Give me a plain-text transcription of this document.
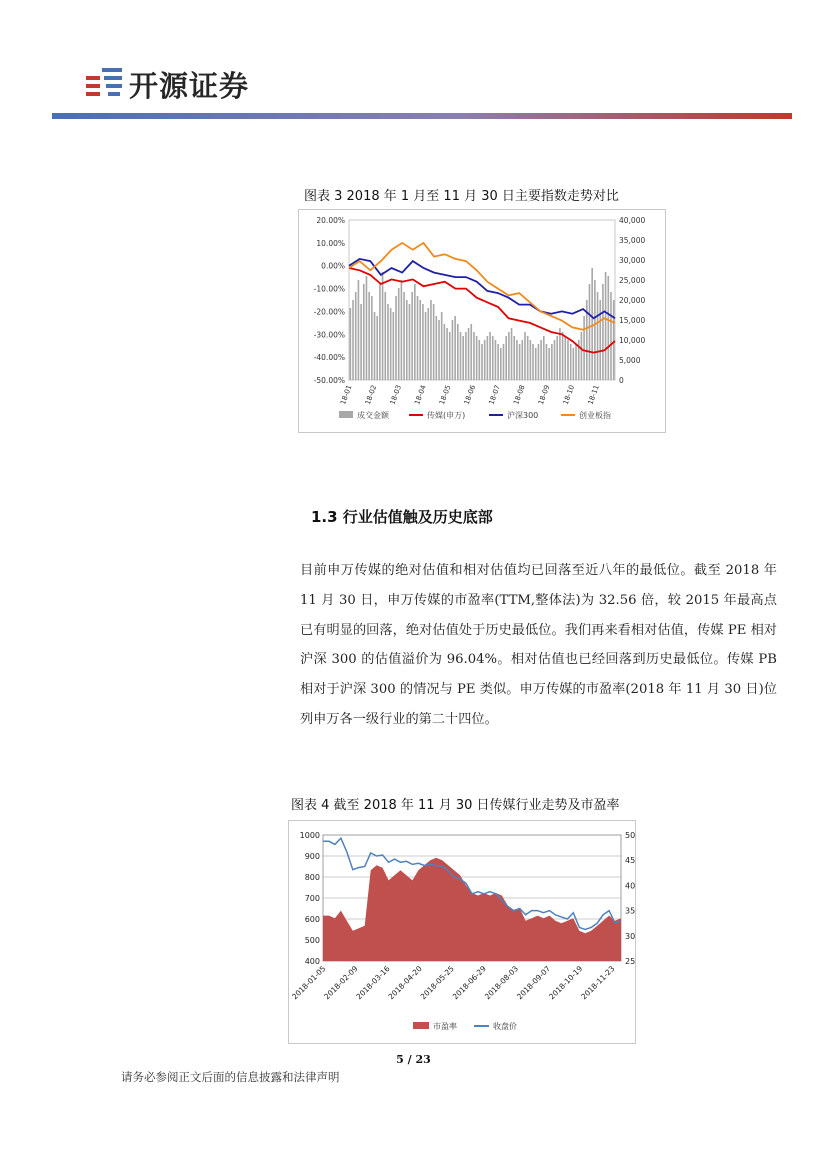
开源证券
图表 3 2018 年 1 月至 11 月 30 日主要指数走势对比
20.00%
10.00%
0.00%
-10.00%
-20.00%
-30.00%
-40.00%
-50.00%
40,000
35,000
30,000
25,000
20,000
15,000
10,000
5,000
0
18-01 18-02 18-03 18-04 18-05 18-06 18-07 18-08 18-09 18-10 18-11
成交金额	传媒(申万)	沪深300	创业板指
1.3 行业估值触及历史底部
目前申万传媒的绝对估值和相对估值均已回落至近八年的最低位。截至 2018 年 11 月 30 日，申万传媒的市盈率(TTM,整体法)为 32.56 倍，较 2015 年最高点已有明显的回落，绝对估值处于历史最低位。我们再来看相对估值，传媒 PE 相对沪深 300 的估值溢价为 96.04%。相对估值也已经回落到历史最低位。传媒 PB 相对于沪深 300 的情况与 PE 类似。申万传媒的市盈率(2018 年 11 月 30 日)位列申万各一级行业的第二十四位。
图表 4 截至 2018 年 11 月 30 日传媒行业走势及市盈率
1000
900
800
700
600
500
400
50
45
40
35
30
25
2018-01-05
2018-02-09
2018-03-16
2018-04-20
2018-05-25
2018-06-29
2018-08-03
2018-09-07
2018-10-19
2018-11-23
市盈率	收盘价
5 / 23
请务必参阅正文后面的信息披露和法律声明
